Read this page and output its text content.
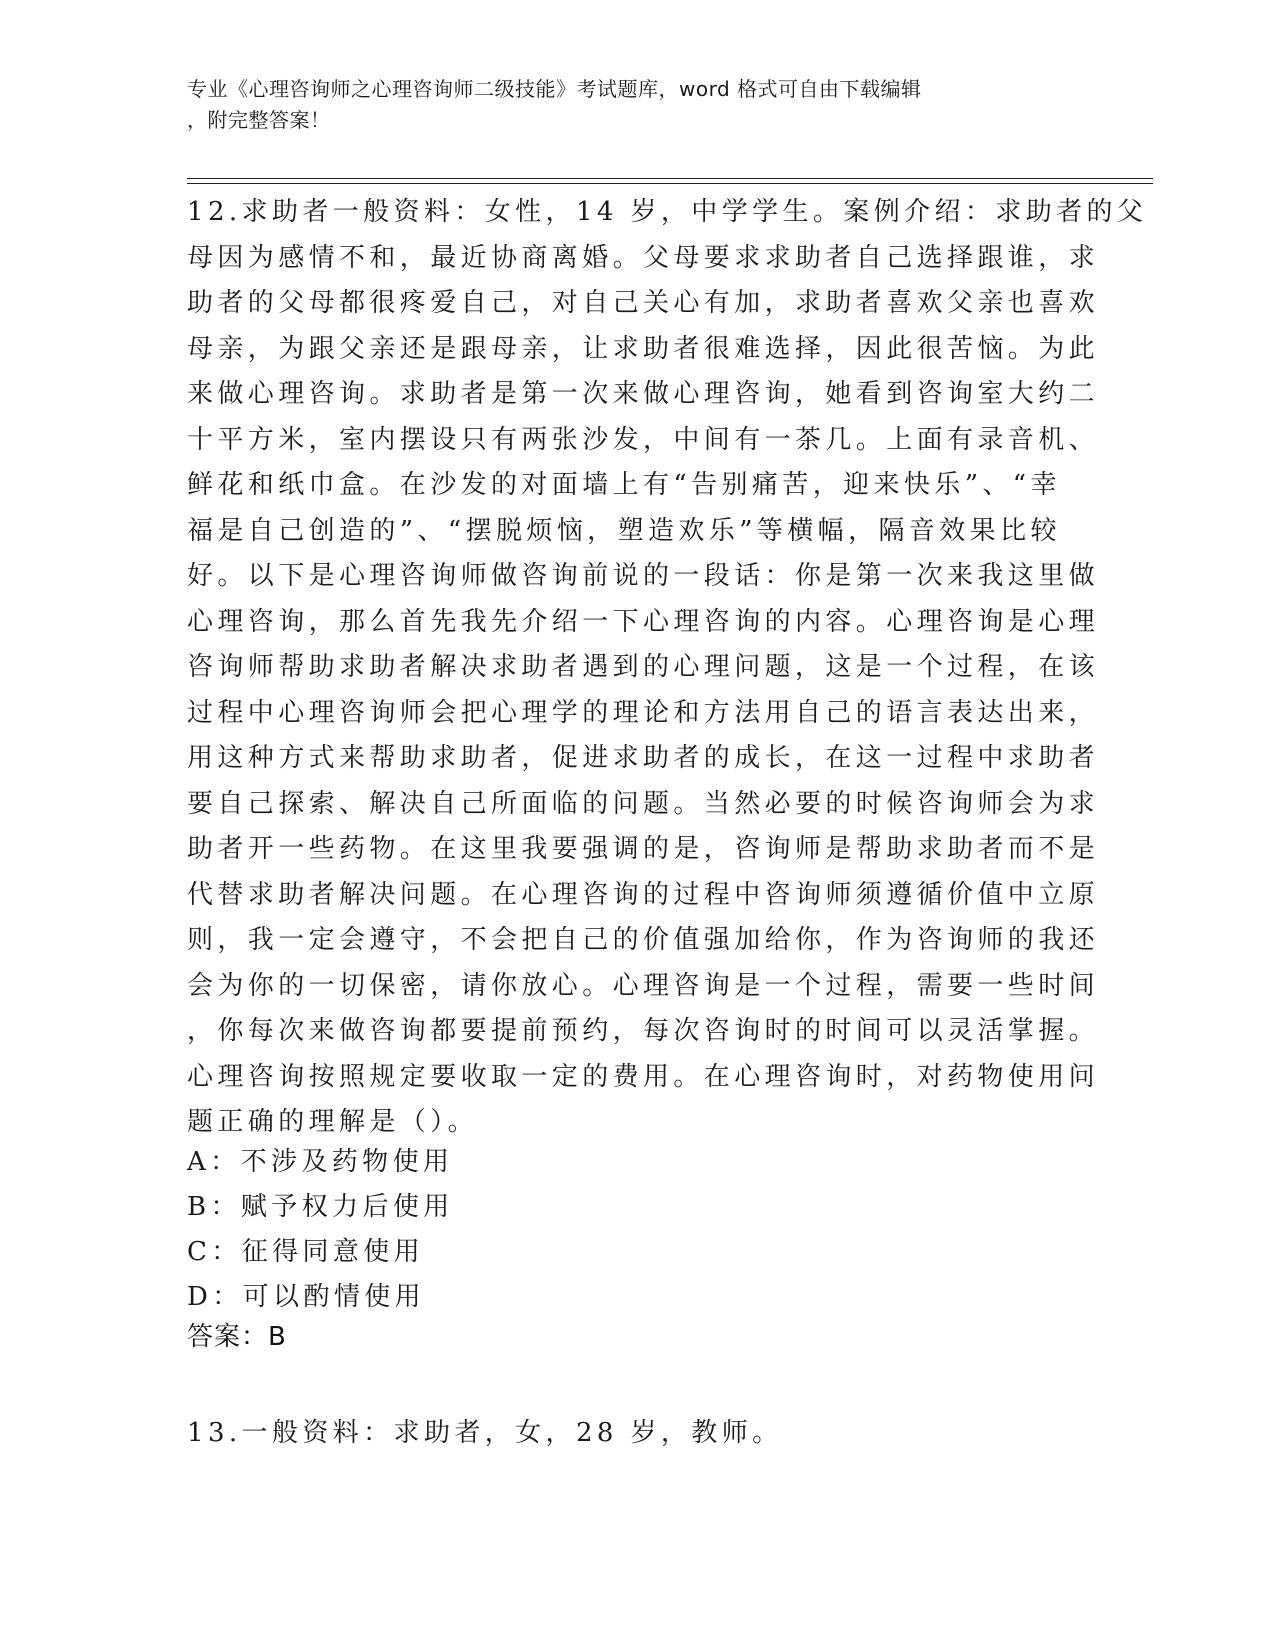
专业《心理咨询师之心理咨询师二级技能》考试题库，word 格式可自由下载编辑
，附完整答案！
12.求助者一般资料：女性，14 岁，中学学生。案例介绍：求助者的父
母因为感情不和，最近协商离婚。父母要求求助者自己选择跟谁，求
助者的父母都很疼爱自己，对自己关心有加，求助者喜欢父亲也喜欢
母亲，为跟父亲还是跟母亲，让求助者很难选择，因此很苦恼。为此
来做心理咨询。求助者是第一次来做心理咨询，她看到咨询室大约二
十平方米，室内摆设只有两张沙发，中间有一茶几。上面有录音机、
鲜花和纸巾盒。在沙发的对面墙上有“告别痛苦，迎来快乐”、“幸
福是自己创造的”、“摆脱烦恼，塑造欢乐”等横幅，隔音效果比较
好。以下是心理咨询师做咨询前说的一段话：你是第一次来我这里做
心理咨询，那么首先我先介绍一下心理咨询的内容。心理咨询是心理
咨询师帮助求助者解决求助者遇到的心理问题，这是一个过程，在该
过程中心理咨询师会把心理学的理论和方法用自己的语言表达出来，
用这种方式来帮助求助者，促进求助者的成长，在这一过程中求助者
要自己探索、解决自己所面临的问题。当然必要的时候咨询师会为求
助者开一些药物。在这里我要强调的是，咨询师是帮助求助者而不是
代替求助者解决问题。在心理咨询的过程中咨询师须遵循价值中立原
则，我一定会遵守，不会把自己的价值强加给你，作为咨询师的我还
会为你的一切保密，请你放心。心理咨询是一个过程，需要一些时间
，你每次来做咨询都要提前预约，每次咨询时的时间可以灵活掌握。
心理咨询按照规定要收取一定的费用。在心理咨询时，对药物使用问
题正确的理解是（）。
A：不涉及药物使用
B：赋予权力后使用
C：征得同意使用
D：可以酌情使用
答案：B
13.一般资料：求助者，女，28 岁，教师。
